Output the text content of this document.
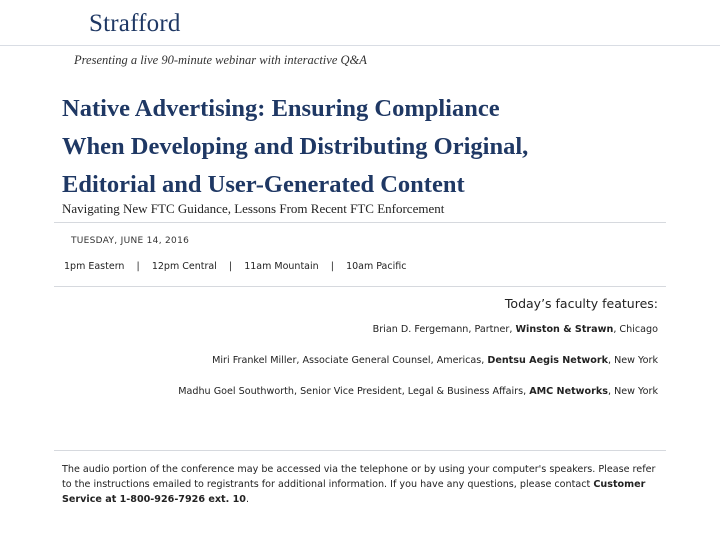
Strafford
Presenting a live 90-minute webinar with interactive Q&A
Native Advertising: Ensuring Compliance
When Developing and Distributing Original,
Editorial and User-Generated Content
Navigating New FTC Guidance, Lessons From Recent FTC Enforcement
TUESDAY, JUNE 14, 2016
1pm Eastern | 12pm Central | 11am Mountain | 10am Pacific
Today’s faculty features:
Brian D. Fergemann, Partner, Winston & Strawn, Chicago
Miri Frankel Miller, Associate General Counsel, Americas, Dentsu Aegis Network, New York
Madhu Goel Southworth, Senior Vice President, Legal & Business Affairs, AMC Networks, New York
The audio portion of the conference may be accessed via the telephone or by using your computer's speakers. Please refer to the instructions emailed to registrants for additional information. If you have any questions, please contact Customer Service at 1-800-926-7926 ext. 10.
